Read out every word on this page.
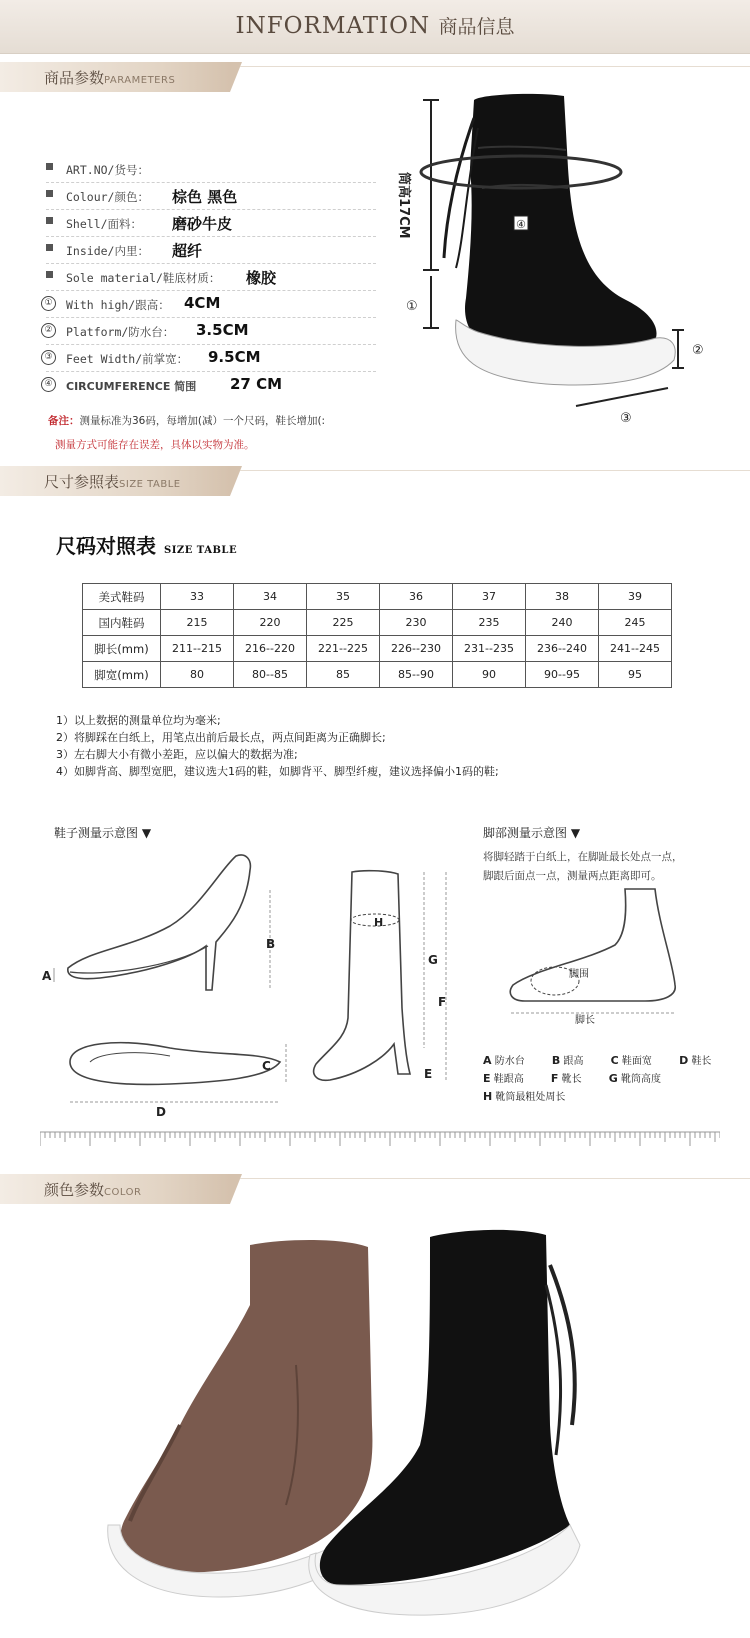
INFORMATION 商品信息
商品参数PARAMETERS
ART.NO/货号：
Colour/颜色： 棕色 黑色
Shell/面料： 磨砂牛皮
Inside/内里： 超纤
Sole material/鞋底材质： 橡胶
①	With high/跟高： 4CM
②	Platform/防水台： 3.5CM
③	Feet Width/前掌宽： 9.5CM
④	CIRCUMFERENCE 简围 27 CM
备注：测量标准为36码，每增加(减）一个尺码，鞋长增加(:
测量方式可能存在误差，具体以实物为准。
筒高17CM
①
④
②
③
尺寸参照表SIZE TABLE
尺码对照表 SIZE TABLE
美式鞋码	33	34	35	36	37	38	39
国内鞋码	215	220	225	230	235	240	245
脚长(mm)	211--215	216--220	221--225	226--230	231--235	236--240	241--245
脚宽(mm)	80	80--85	85	85--90	90	90--95	95
1）以上数据的测量单位均为毫米;
2）将脚踩在白纸上，用笔点出前后最长点，两点间距离为正确脚长;
3）左右脚大小有微小差距，应以偏大的数据为准;
4）如脚背高、脚型宽肥，建议选大1码的鞋，如脚背平、脚型纤瘦，建议选择偏小1码的鞋;
鞋子测量示意图 ▼	脚部测量示意图 ▼
将脚轻踏于白纸上，在脚趾最长处点一点，
脚跟后面点一点，测量两点距离即可。
B
A
C
D
H
G
F
E
脚围
脚长
A 防水台 B 跟高 C 鞋面宽 D 鞋长
E 鞋跟高 F 靴长 G 靴筒高度
H 靴筒最粗处周长
颜色参数COLOR
